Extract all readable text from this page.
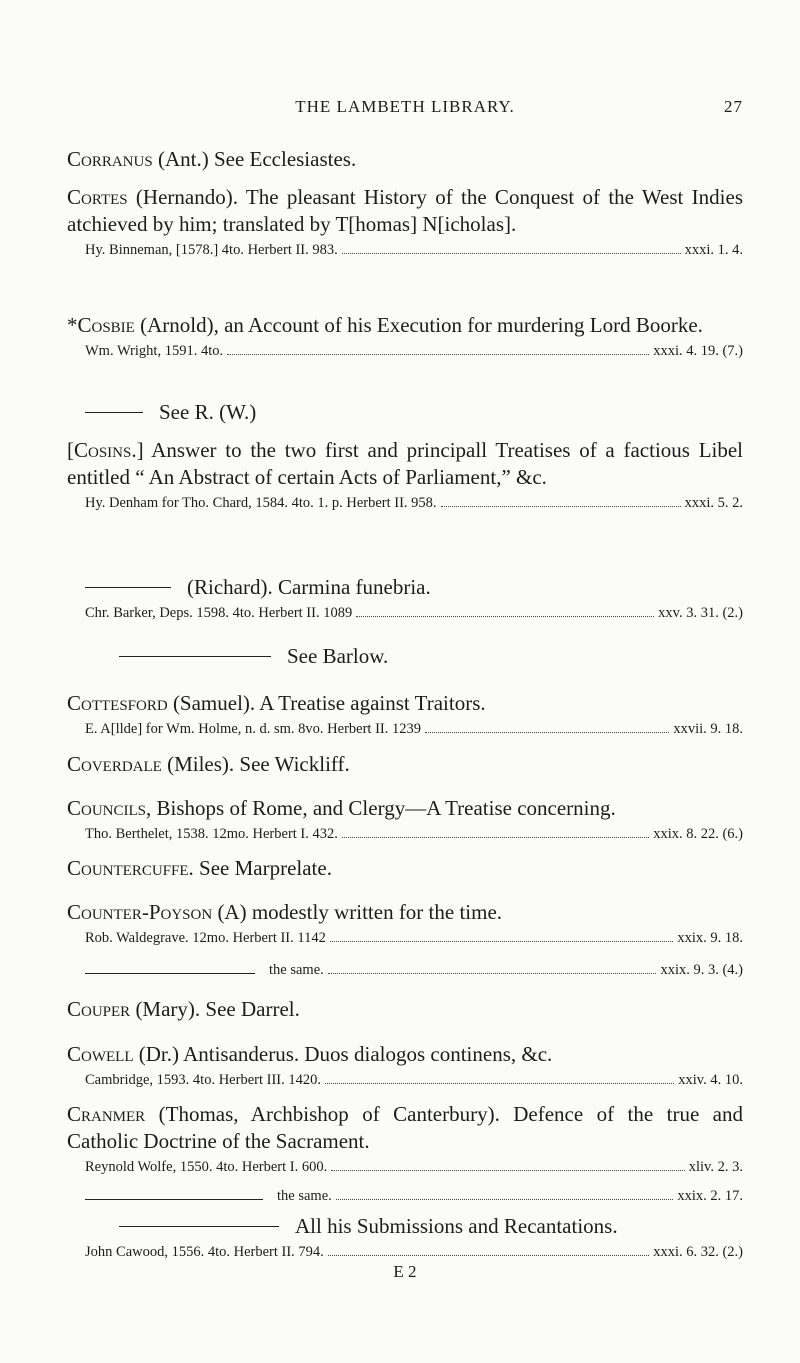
THE LAMBETH LIBRARY.	27
Corranus (Ant.) See Ecclesiastes.
Cortes (Hernando). The pleasant History of the Conquest of the West Indies atchieved by him; translated by T[homas] N[icholas].
Hy. Binneman, [1578.] 4to. Herbert II. 983.	xxxi. 1. 4.
*Cosbie (Arnold), an Account of his Execution for murdering Lord Boorke.
Wm. Wright, 1591. 4to.	xxxi. 4. 19. (7.)
See R. (W.)
[Cosins.] Answer to the two first and principall Treatises of a factious Libel entitled “ An Abstract of certain Acts of Parliament,” &c.
Hy. Denham for Tho. Chard, 1584. 4to. 1. p. Herbert II. 958.	xxxi. 5. 2.
(Richard). Carmina funebria.
Chr. Barker, Deps. 1598. 4to. Herbert II. 1089	xxv. 3. 31. (2.)
See Barlow.
Cottesford (Samuel). A Treatise against Traitors.
E. A[llde] for Wm. Holme, n. d. sm. 8vo. Herbert II. 1239	xxvii. 9. 18.
Coverdale (Miles). See Wickliff.
Councils, Bishops of Rome, and Clergy—A Treatise concerning.
Tho. Berthelet, 1538. 12mo. Herbert I. 432.	xxix. 8. 22. (6.)
Countercuffe. See Marprelate.
Counter-Poyson (A) modestly written for the time.
Rob. Waldegrave. 12mo. Herbert II. 1142	xxix. 9. 18.
the same.	xxix. 9. 3. (4.)
Couper (Mary). See Darrel.
Cowell (Dr.) Antisanderus. Duos dialogos continens, &c.
Cambridge, 1593. 4to. Herbert III. 1420.	xxiv. 4. 10.
Cranmer (Thomas, Archbishop of Canterbury). Defence of the true and Catholic Doctrine of the Sacrament.
Reynold Wolfe, 1550. 4to. Herbert I. 600.	xliv. 2. 3.
the same.	xxix. 2. 17.
All his Submissions and Recantations.
John Cawood, 1556. 4to. Herbert II. 794.	xxxi. 6. 32. (2.)
E 2
